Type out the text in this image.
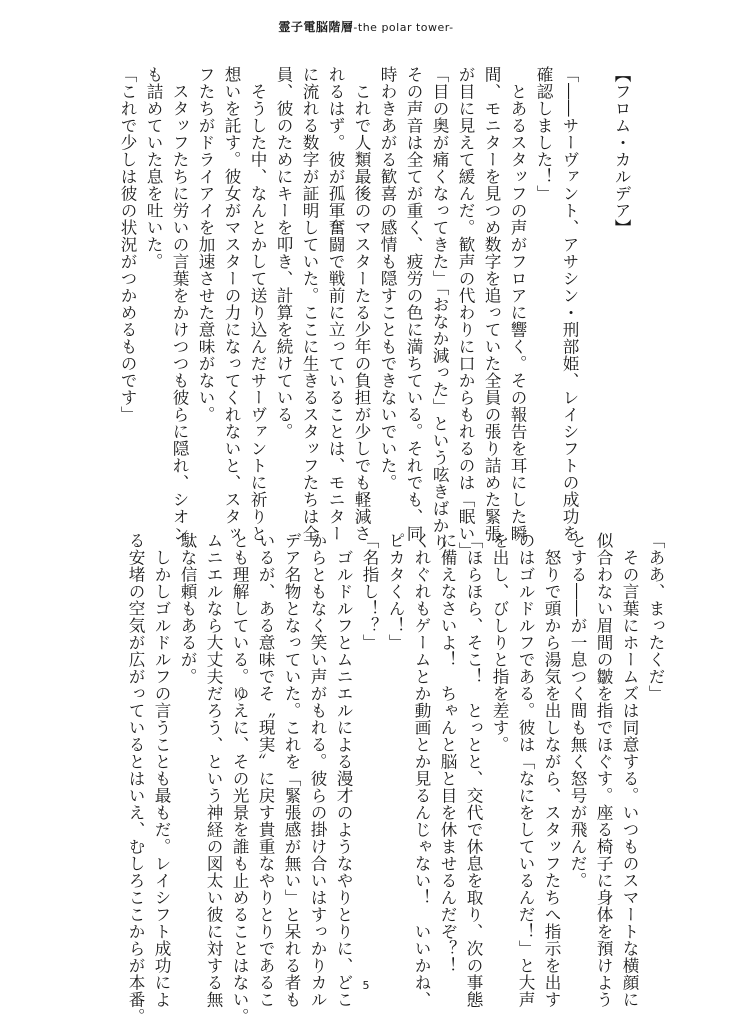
霊子電脳階層-the polar tower-

【フロム・カルデア】

「――サーヴァント、アサシン・刑部姫、レイシフトの成功を

確認しました！」

　とあるスタッフの声がフロアに響く。その報告を耳にした瞬

間、モニターを見つめ数字を追っていた全員の張り詰めた緊張

が目に見えて緩んだ。歓声の代わりに口からもれるのは「眠い」

「目の奥が痛くなってきた」「おなか減った」という呟きばかり。

その声音は全てが重く、疲労の色に満ちている。それでも、同

時わきあがる歓喜の感情も隠すこともできないでいた。

　これで人類最後のマスターたる少年の負担が少しでも軽減さ

れるはず。彼が孤軍奮闘で戦前に立っていることは、モニター

に流れる数字が証明していた。ここに生きるスタッフたちは全

員、彼のためにキーを叩き、計算を続けている。

　そうした中、なんとかして送り込んだサーヴァントに祈りと

想いを託す。彼女がマスターの力になってくれないと、スタッ

フたちがドライアイを加速させた意味がない。

　スタッフたちに労いの言葉をかけつつも彼らに隠れ、シオン

も詰めていた息を吐いた。

「これで少しは彼の状況がつかめるものです」

「ああ、まったくだ」

　その言葉にホームズは同意する。いつものスマートな横顔に

似合わない眉間の皺を指でほぐす。座る椅子に身体を預けよう

とする――が一息つく間も無く怒号が飛んだ。

　怒りで頭から湯気を出しながら、スタッフたちへ指示を出す

のはゴルドルフである。彼は「なにをしているんだ！」と大声

を出し、びしりと指を差す。

「ほらほら、そこ！　とっとと、交代で休息を取り、次の事態

に備えなさいよ！　ちゃんと脳と目を休ませるんだぞ？！

くれぐれもゲームとか動画とか見るんじゃない！　いいかね、

ピカタくん！」

「名指し！？」

　ゴルドルフとムニエルによる漫才のようなやりとりに、どこ

からともなく笑い声がもれる。彼らの掛け合いはすっかりカル

デア名物となっていた。これを「緊張感が無い」と呆れる者も

いるが、ある意味でそ〝現実〟に戻す貴重なやりとりであるこ

とも理解している。ゆえに、その光景を誰も止めることはない。

ムニエルなら大丈夫だろう、という神経の図太い彼に対する無

駄な信頼もあるが。

　しかしゴルドルフの言うことも最もだ。レイシフト成功によ

る安堵の空気が広がっているとはいえ、むしろここからが本番。	5
